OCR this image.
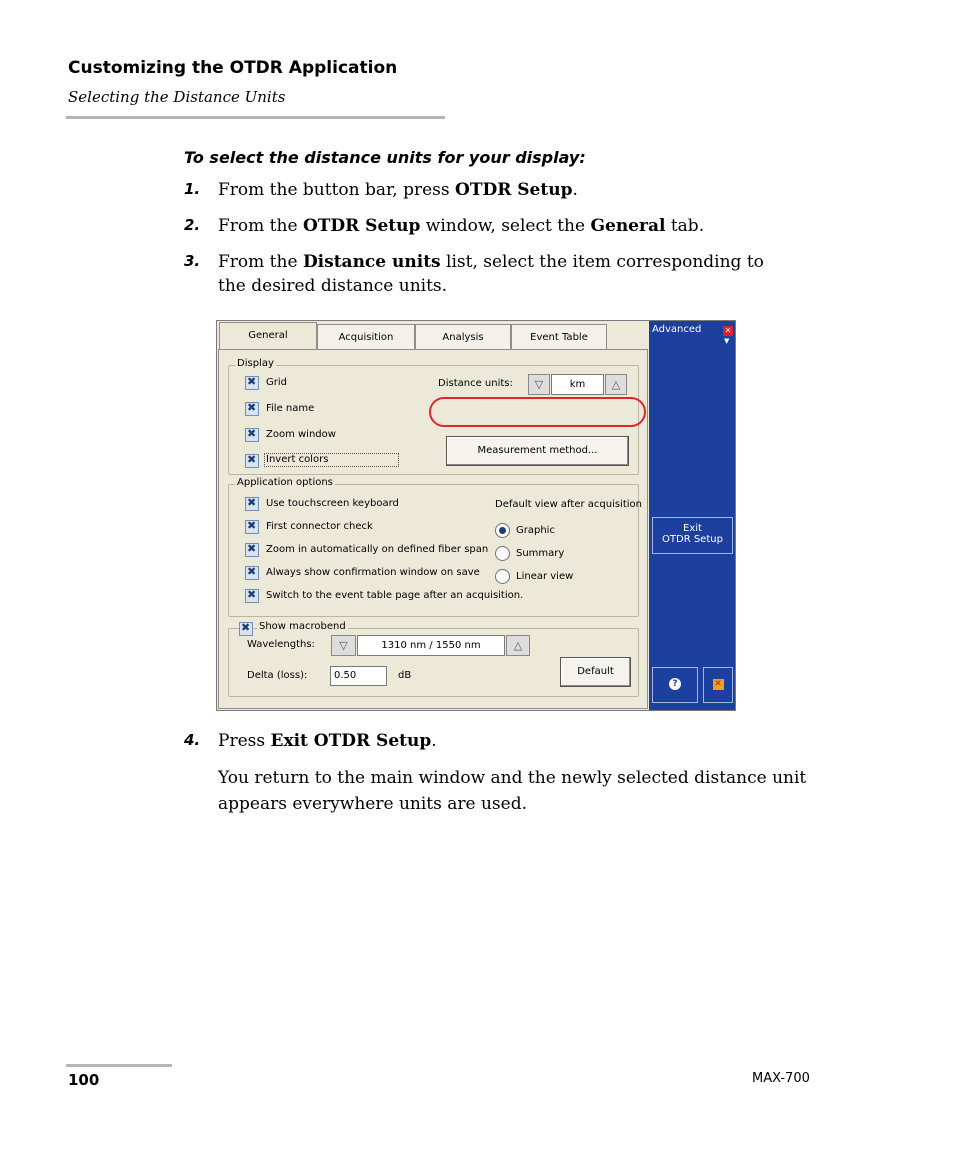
Customizing the OTDR Application
Selecting the Distance Units
To select the distance units for your display:
1. From the button bar, press OTDR Setup.
2. From the OTDR Setup window, select the General tab.
3. From the Distance units list, select the item corresponding to the desired distance units.
General	Acquisition	Analysis	Event Table
Display
✖
Grid
✖
File name
✖
Zoom window
✖
Invert colors
Distance units:	▽	km	△
Measurement method...
Application options
✖
Use touchscreen keyboard
✖
First connector check
✖
Zoom in automatically on defined fiber span
✖
Always show confirmation window on save
✖
Switch to the event table page after an acquisition.
Default view after acquisition
Graphic
Summary
Linear view
✖
Show macrobend
Wavelengths:	▽	1310 nm / 1550 nm	△
Delta (loss):	0.50	dB	Default
Advanced	✕
▼
Exit
OTDR Setup
?	✕
4. Press Exit OTDR Setup.
You return to the main window and the newly selected distance unit appears everywhere units are used.
100	MAX-700
